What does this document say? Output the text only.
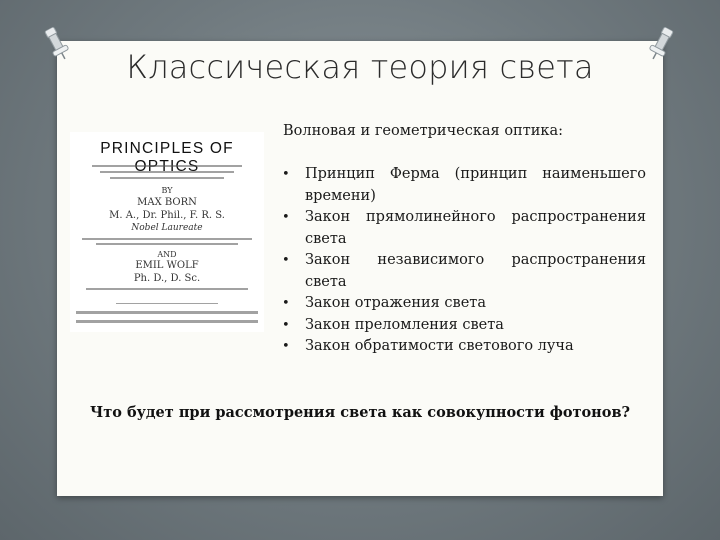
Классическая теория света
PRINCIPLES OF
BY
MAX BORN
M. A., Dr. Phil., F. R. S.
Nobel Laureate
AND
EMIL WOLF
Ph. D., D. Sc.
Волновая и геометрическая оптика:
• Принцип Ферма (принцип наименьшего времени)
• Закон прямолинейного распространения света
• Закон независимого распространения света
• Закон отражения света
• Закон преломления света
• Закон обратимости светового луча
Что будет при рассмотрения света как совокупности фотонов?
